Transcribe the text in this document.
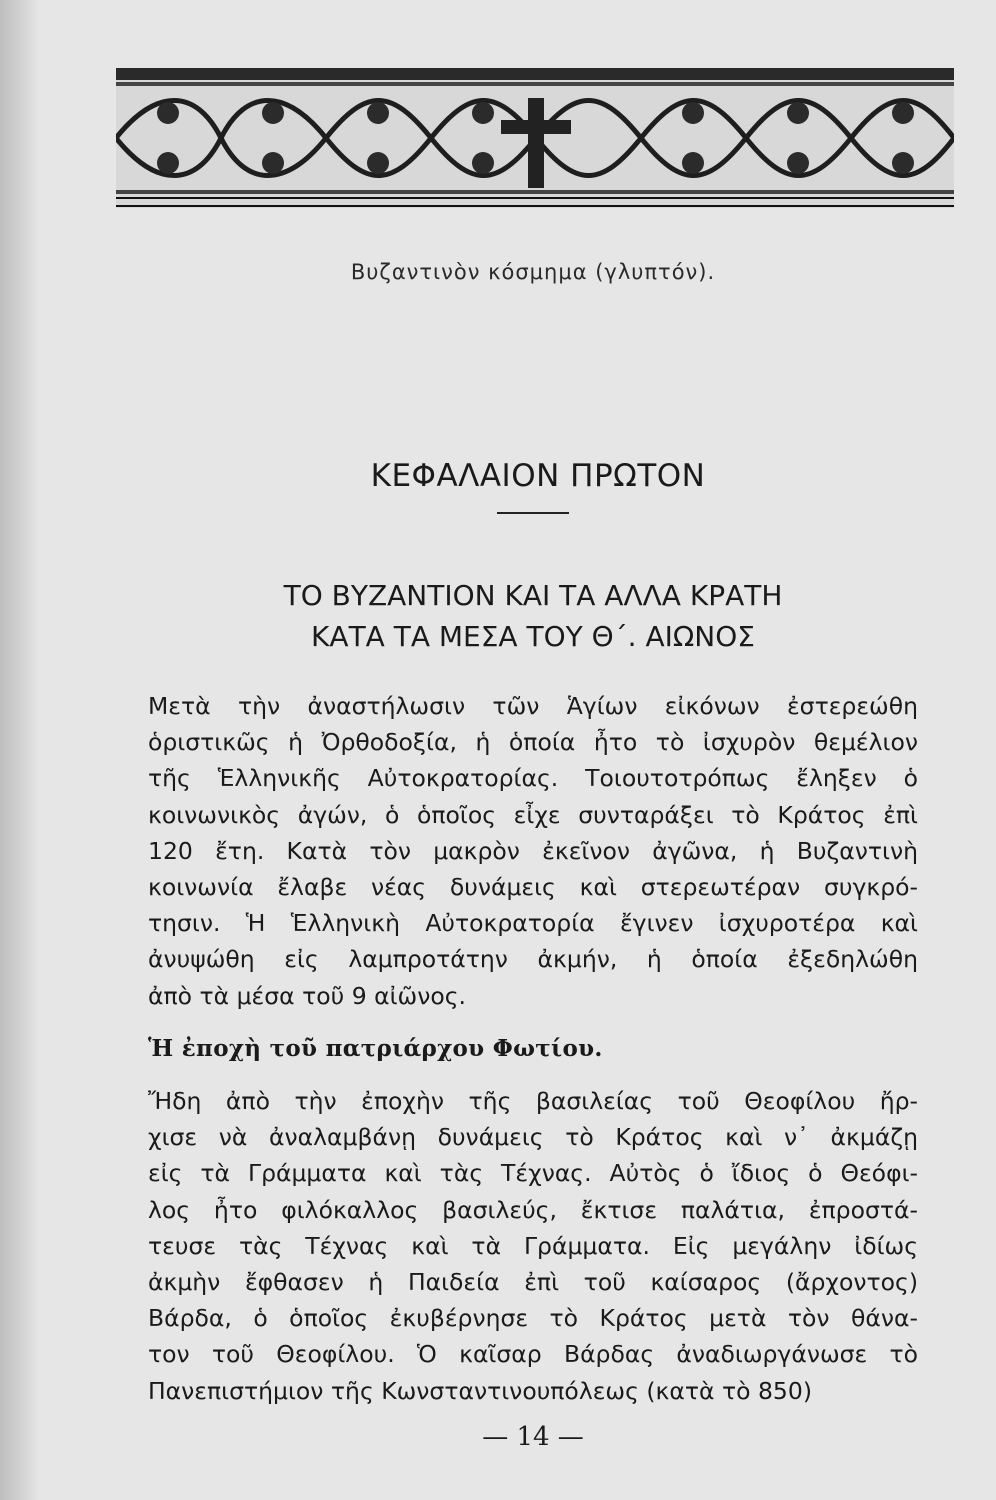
Βυζαντινὸν κόσμημα (γλυπτόν).
ΚΕΦΑΛΑΙΟΝ ΠΡΩΤΟΝ
ΤΟ ΒΥΖΑΝΤΙΟΝ ΚΑΙ ΤΑ ΑΛΛΑ ΚΡΑΤΗ
ΚΑΤΑ ΤΑ ΜΕΣΑ ΤΟΥ Θ΄. ΑΙΩΝΟΣ

Μετὰ τὴν ἀναστήλωσιν τῶν Ἁγίων εἰκόνων ἐστερεώθη

ὁριστικῶς ἡ Ὀρθοδοξία, ἡ ὁποία ἦτο τὸ ἰσχυρὸν θεμέλιον

τῆς Ἑλληνικῆς Αὐτοκρατορίας. Τοιουτοτρόπως ἔληξεν ὁ

κοινωνικὸς ἀγών, ὁ ὁποῖος εἶχε συνταράξει τὸ Κράτος ἐπὶ

120 ἔτη. Κατὰ τὸν μακρὸν ἐκεῖνον ἀγῶνα, ἡ Βυζαντινὴ

κοινωνία ἔλαβε νέας δυνάμεις καὶ στερεωτέραν συγκρό-

τησιν. Ἡ Ἑλληνικὴ Αὐτοκρατορία ἔγινεν ἰσχυροτέρα καὶ

ἀνυψώθη εἰς λαμπροτάτην ἀκμήν, ἡ ὁποία ἐξεδηλώθη

ἀπὸ τὰ μέσα τοῦ 9 αἰῶνος.

Ἡ ἐποχὴ τοῦ πατριάρχου Φωτίου.

Ἤδη ἀπὸ τὴν ἐποχὴν τῆς βασιλείας τοῦ Θεοφίλου ἤρ-

χισε νὰ ἀναλαμβάνῃ δυνάμεις τὸ Κράτος καὶ ν᾽ ἀκμάζῃ

εἰς τὰ Γράμματα καὶ τὰς Τέχνας. Αὐτὸς ὁ ἴδιος ὁ Θεόφι-

λος ἦτο φιλόκαλλος βασιλεύς, ἔκτισε παλάτια, ἐπροστά-

τευσε τὰς Τέχνας καὶ τὰ Γράμματα. Εἰς μεγάλην ἰδίως

ἀκμὴν ἔφθασεν ἡ Παιδεία ἐπὶ τοῦ καίσαρος (ἄρχοντος)

Βάρδα, ὁ ὁποῖος ἐκυβέρνησε τὸ Κράτος μετὰ τὸν θάνα-

τον τοῦ Θεοφίλου. Ὁ καῖσαρ Βάρδας ἀναδιωργάνωσε τὸ

Πανεπιστήμιον τῆς Κωνσταντινουπόλεως (κατὰ τὸ 850)

— 14 —
